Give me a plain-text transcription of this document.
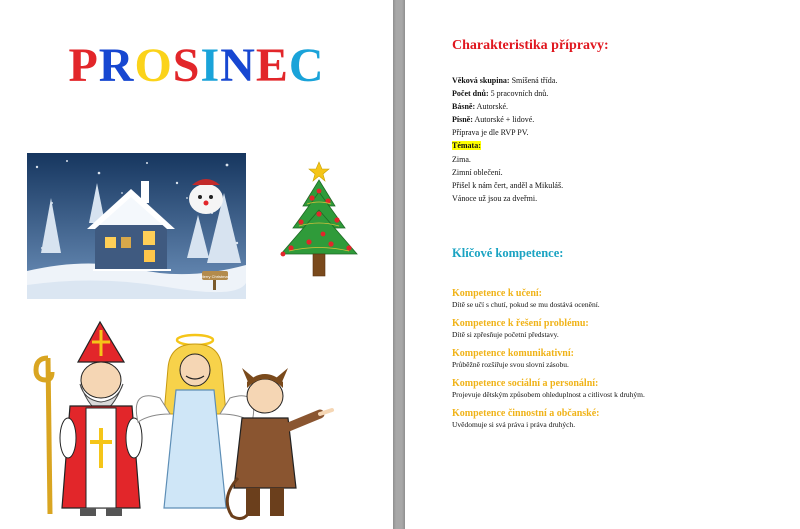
PROSINEC
Merry Christmas
Charakteristika přípravy:
Věková skupina: Smíšená třída.
Počet dnů: 5 pracovních dnů.
Básně: Autorské.
Písně: Autorské + lidové.
Příprava je dle RVP PV.
Témata:
Zima.
Zimní oblečení.
Přišel k nám čert, anděl a Mikuláš.
Vánoce už jsou za dveřmi.
Klíčové kompetence:
Kompetence k učení:
Dítě se učí s chutí, pokud se mu dostává ocenění.
Kompetence k řešení problému:
Dítě si zpřesňuje početní představy.
Kompetence komunikativní:
Průběžně rozšiřuje svou slovní zásobu.
Kompetence sociální a personální:
Projevuje dětským způsobem ohleduplnost a citlivost k druhým.
Kompetence činnostní a občanské:
Uvědomuje si svá práva i práva druhých.
